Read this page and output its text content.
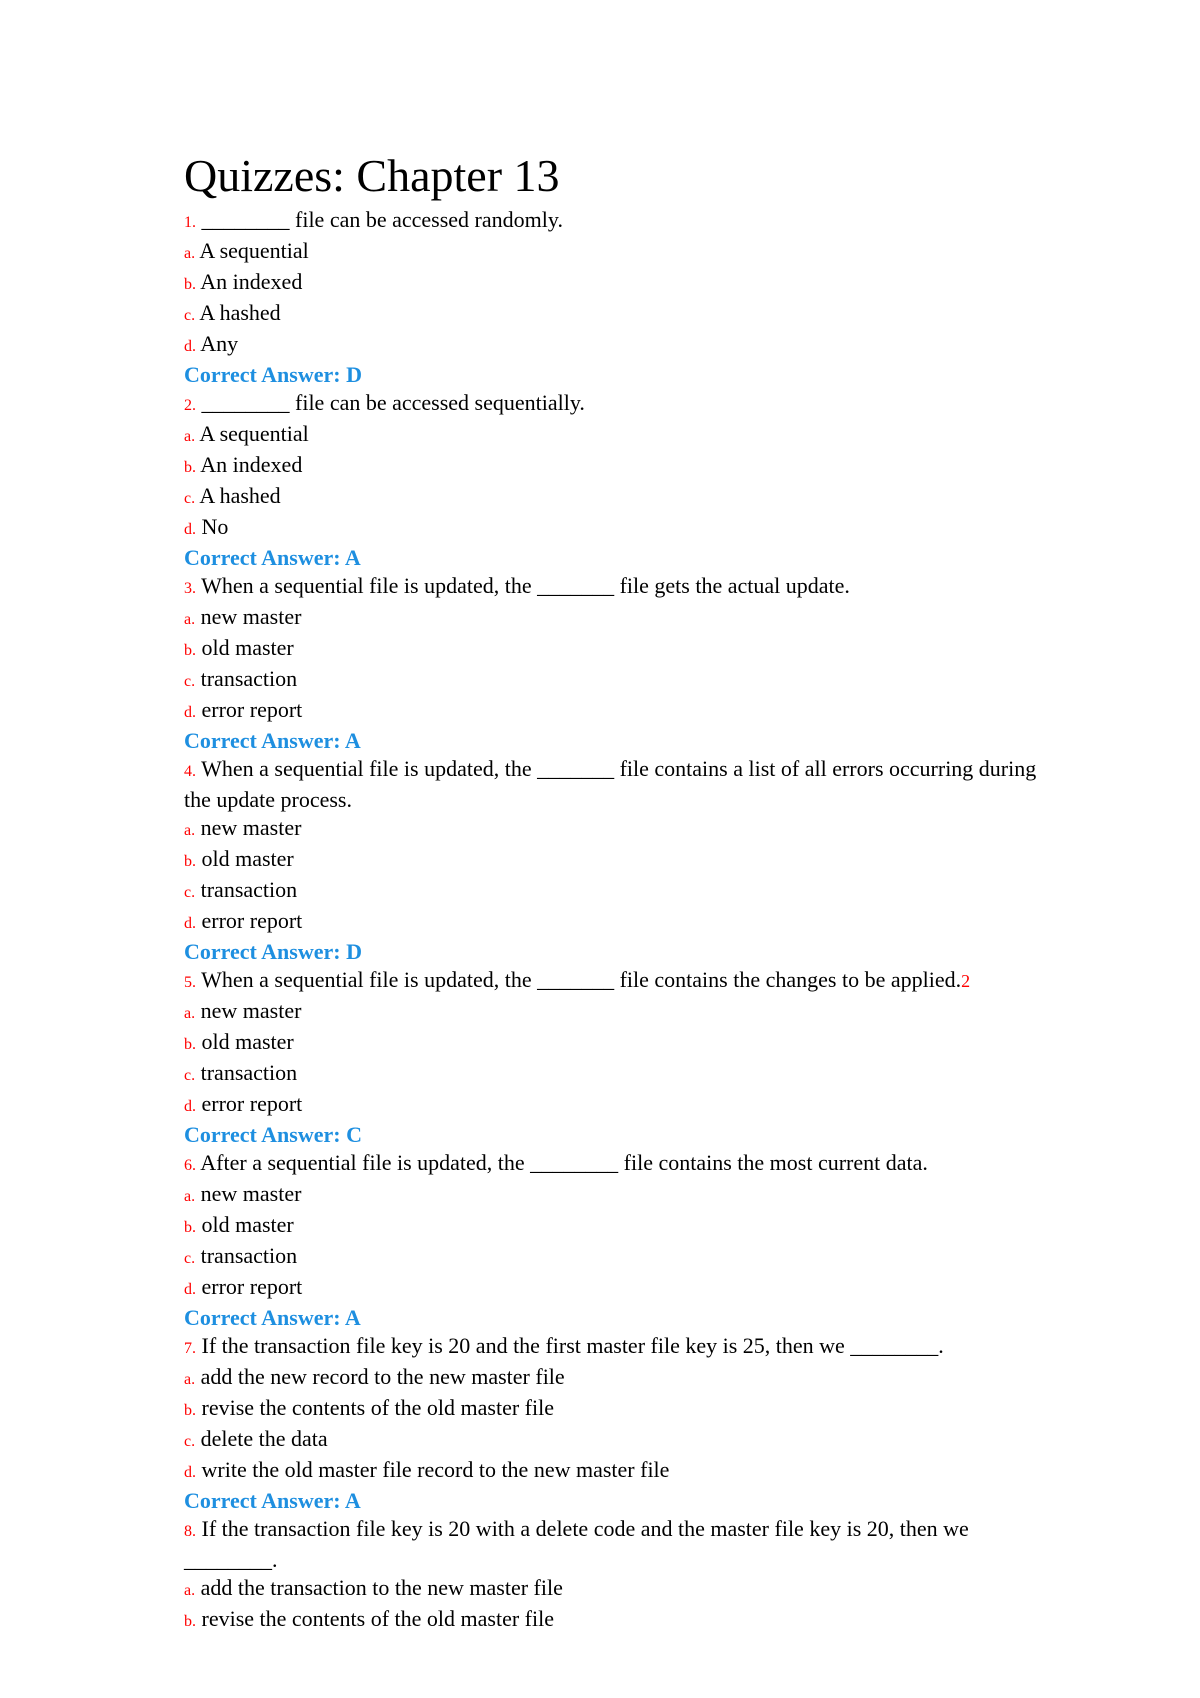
Quizzes: Chapter 13
1. ________ file can be accessed randomly.
a. A sequential
b. An indexed
c. A hashed
d. Any
Correct Answer: D
2. ________ file can be accessed sequentially.
a. A sequential
b. An indexed
c. A hashed
d. No
Correct Answer: A
3. When a sequential file is updated, the _______ file gets the actual update.
a. new master
b. old master
c. transaction
d. error report
Correct Answer: A
4. When a sequential file is updated, the _______ file contains a list of all errors occurring during the update process.
a. new master
b. old master
c. transaction
d. error report
Correct Answer: D
5. When a sequential file is updated, the _______ file contains the changes to be applied.2
a. new master
b. old master
c. transaction
d. error report
Correct Answer: C
6. After a sequential file is updated, the ________ file contains the most current data.
a. new master
b. old master
c. transaction
d. error report
Correct Answer: A
7. If the transaction file key is 20 and the first master file key is 25, then we ________.
a. add the new record to the new master file
b. revise the contents of the old master file
c. delete the data
d. write the old master file record to the new master file
Correct Answer: A
8. If the transaction file key is 20 with a delete code and the master file key is 20, then we ________.
a. add the transaction to the new master file
b. revise the contents of the old master file
